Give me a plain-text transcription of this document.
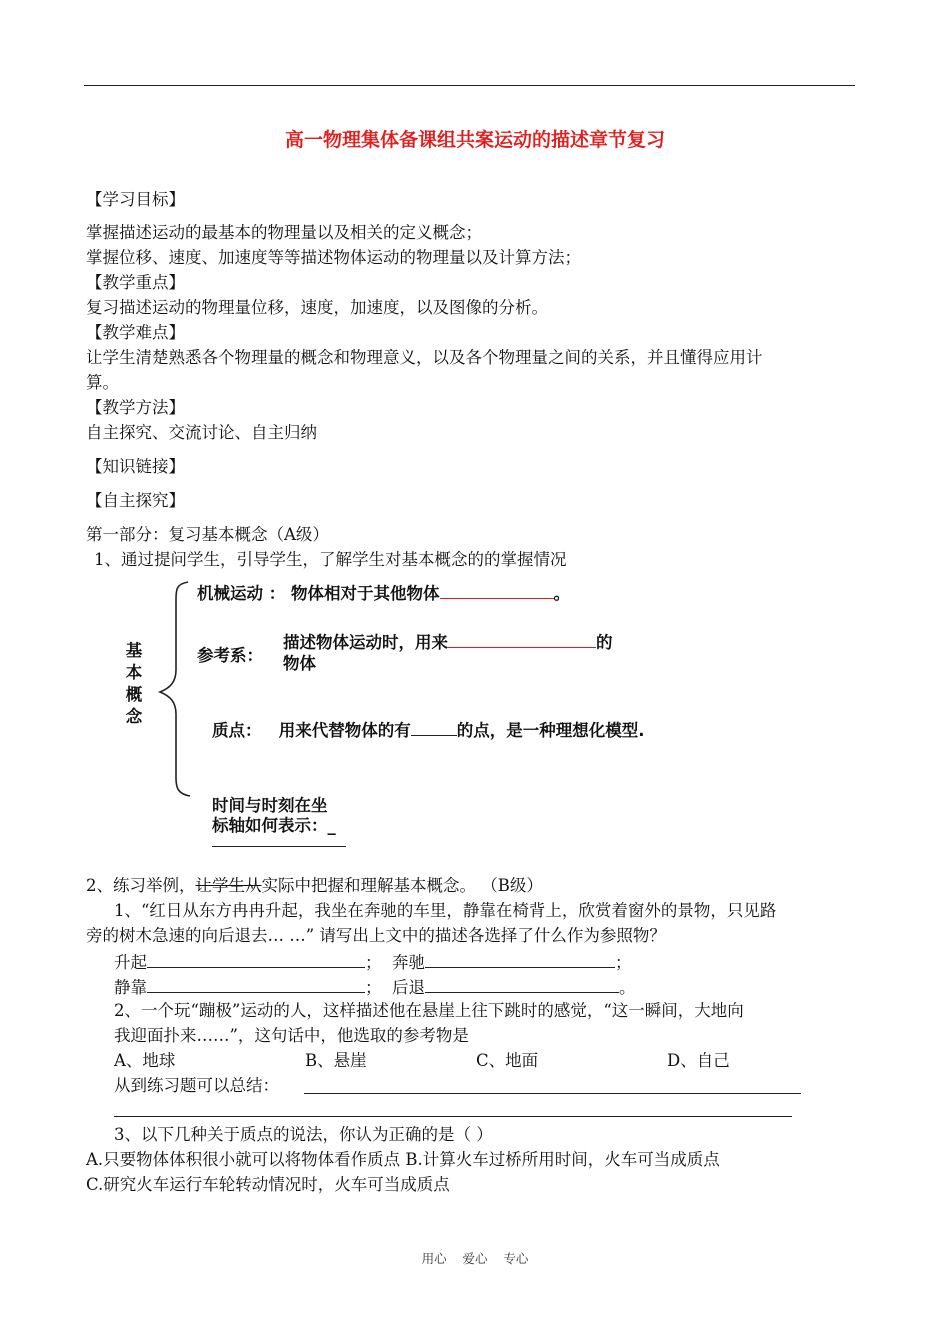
高一物理集体备课组共案运动的描述章节复习
【学习目标】
掌握描述运动的最基本的物理量以及相关的定义概念；
掌握位移、速度、加速度等等描述物体运动的物理量以及计算方法；
【教学重点】
复习描述运动的物理量位移，速度，加速度，以及图像的分析。
【教学难点】
让学生清楚熟悉各个物理量的概念和物理意义，以及各个物理量之间的关系，并且懂得应用计
算。
【教学方法】
自主探究、交流讨论、自主归纳
【知识链接】
【自主探究】
第一部分：复习基本概念（A级）
1、通过提问学生，引导学生，了解学生对基本概念的的掌握情况
基本概念
机械运动 ： 物体相对于其他物体	。
参考系：
描述物体运动时，用来	的
物体
质点： 用来代替物体的有	的点，是一种理想化模型.
时间与时刻在坐
标轴如何表示：_
2、练习举例，让学生从实际中把握和理解基本概念。 （B级）
1、“红日从东方冉冉升起，我坐在奔驰的车里，静靠在椅背上，欣赏着窗外的景物，只见路
旁的树木急速的向后退去… …” 请写出上文中的描述各选择了什么作为参照物？
升起	； 奔驰	；
静靠	； 后退	。
2、一个玩“蹦极”运动的人，这样描述他在悬崖上往下跳时的感觉，“这一瞬间，大地向
我迎面扑来……”，这句话中，他选取的参考物是
A、地球	B、悬崖	C、地面	D、自己
从到练习题可以总结：
3、以下几种关于质点的说法，你认为正确的是（ ）
A.只要物体体积很小就可以将物体看作质点 B.计算火车过桥所用时间，火车可当成质点
C.研究火车运行车轮转动情况时，火车可当成质点
用心    爱心    专心
